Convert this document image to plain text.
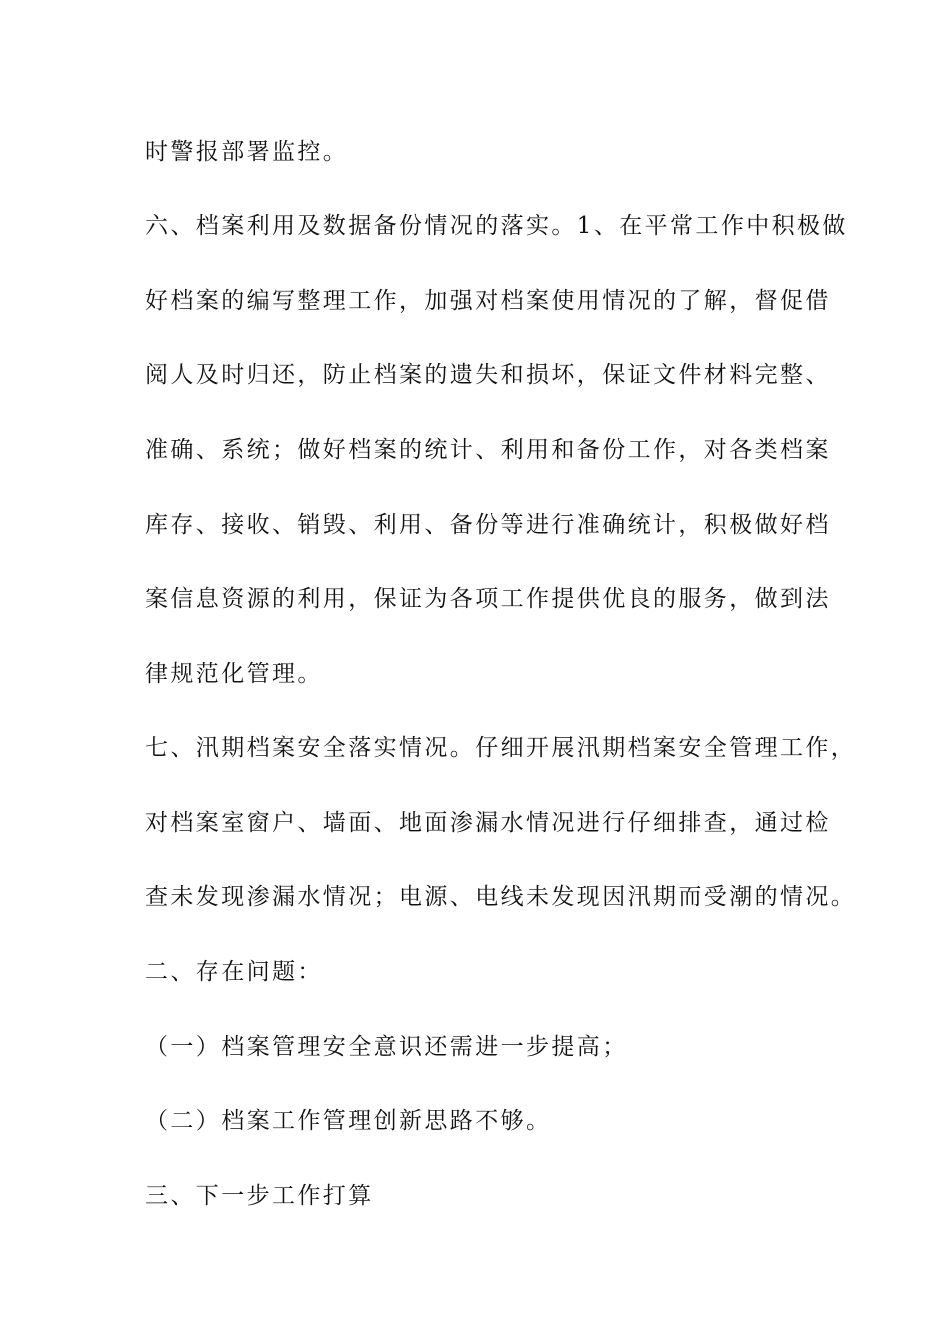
时警报部署监控。
六、档案利用及数据备份情况的落实。1、在平常工作中积极做
好档案的编写整理工作，加强对档案使用情况的了解，督促借
阅人及时归还，防止档案的遗失和损坏，保证文件材料完整、
准确、系统；做好档案的统计、利用和备份工作，对各类档案
库存、接收、销毁、利用、备份等进行准确统计，积极做好档
案信息资源的利用，保证为各项工作提供优良的服务，做到法
律规范化管理。
七、汛期档案安全落实情况。仔细开展汛期档案安全管理工作，
对档案室窗户、墙面、地面渗漏水情况进行仔细排查，通过检
查未发现渗漏水情况；电源、电线未发现因汛期而受潮的情况。
二、存在问题：
（一）档案管理安全意识还需进一步提高；
（二）档案工作管理创新思路不够。
三、下一步工作打算
